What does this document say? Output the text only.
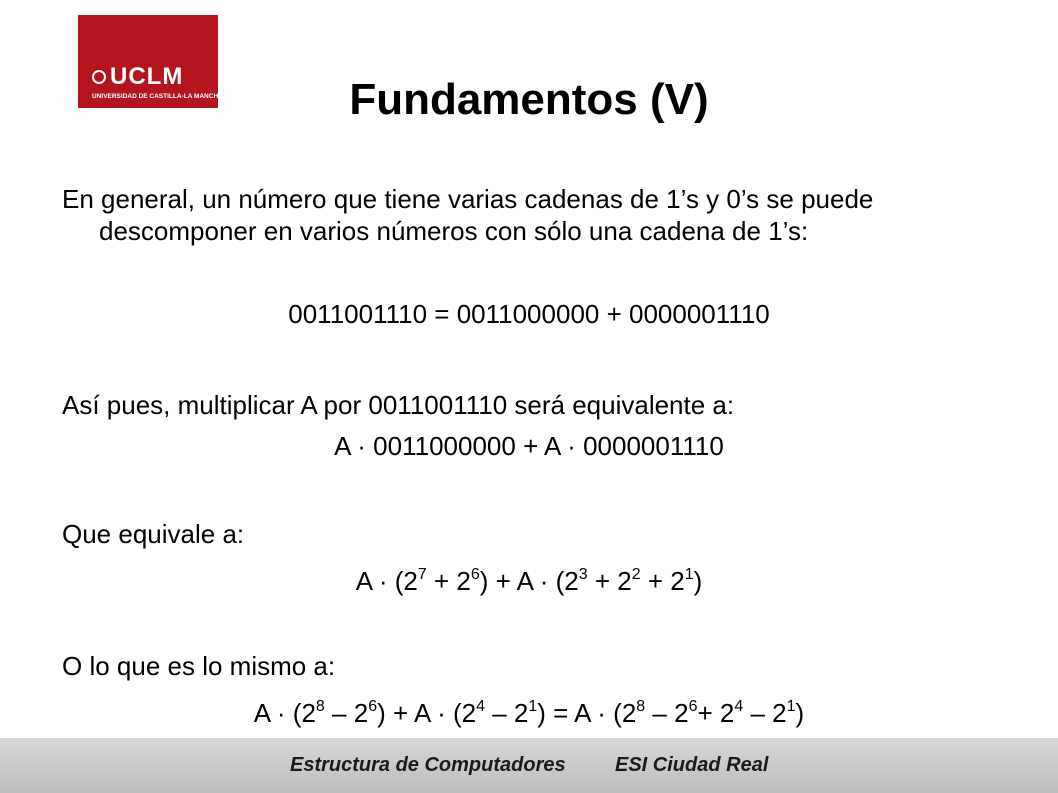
UCLM
UNIVERSIDAD DE CASTILLA-LA MANCHA	Fundamentos (V)
En general, un número que tiene varias cadenas de 1’s y 0’s se puede descomponer en varios números con sólo una cadena de 1’s:
0011001110 = 0011000000 + 0000001110
Así pues, multiplicar A por 0011001110 será equivalente a:
A · 0011000000 + A · 0000001110
Que equivale a:
$A \cdot (2^7 + 2^6) + A \cdot (2^3 + 2^2 + 2^1)$
O lo que es lo mismo a:
$A \cdot (2^8 - 2^6) + A \cdot (2^4 - 2^1) = A \cdot (2^8 - 2^6+ 2^4 - 2^1)$
Estructura de Computadores ESI Ciudad Real
